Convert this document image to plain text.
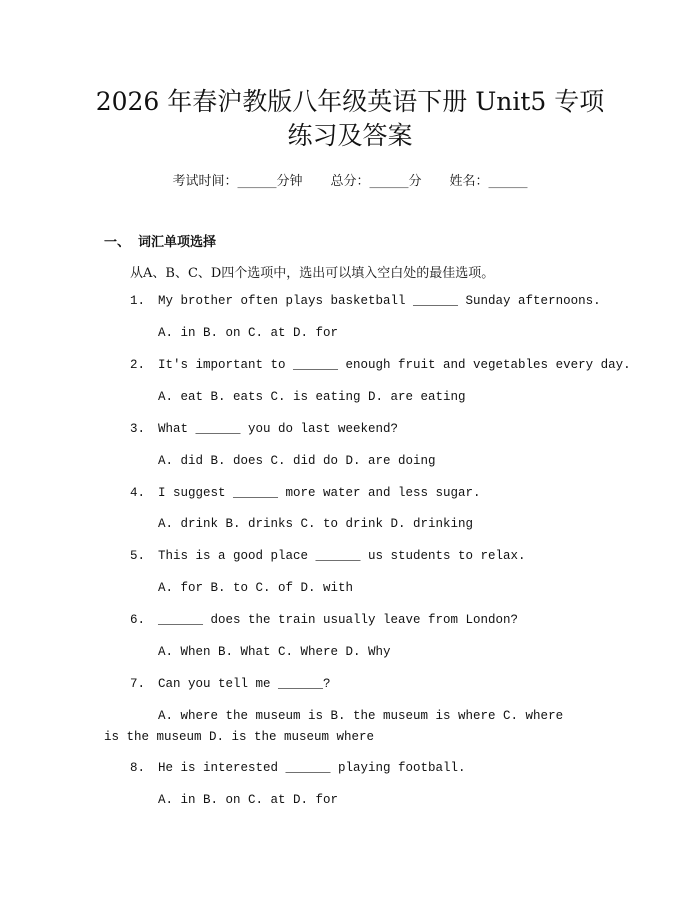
2026 年春沪教版八年级英语下册 Unit5 专项
练习及答案
考试时间：______分钟 总分：______分 姓名：______
一、 词汇单项选择
从A、B、C、D四个选项中，选出可以填入空白处的最佳选项。
1. My brother often plays basketball ______ Sunday afternoons.
A. in B. on C. at D. for
2. It's important to ______ enough fruit and vegetables every day.
A. eat B. eats C. is eating D. are eating
3. What ______ you do last weekend?
A. did B. does C. did do D. are doing
4. I suggest ______ more water and less sugar.
A. drink B. drinks C. to drink D. drinking
5. This is a good place ______ us students to relax.
A. for B. to C. of D. with
6. ______ does the train usually leave from London?
A. When B. What C. Where D. Why
7. Can you tell me ______?
A. where the museum is B. the museum is where C. where is the museum D. is the museum where
8. He is interested ______ playing football.
A. in B. on C. at D. for
